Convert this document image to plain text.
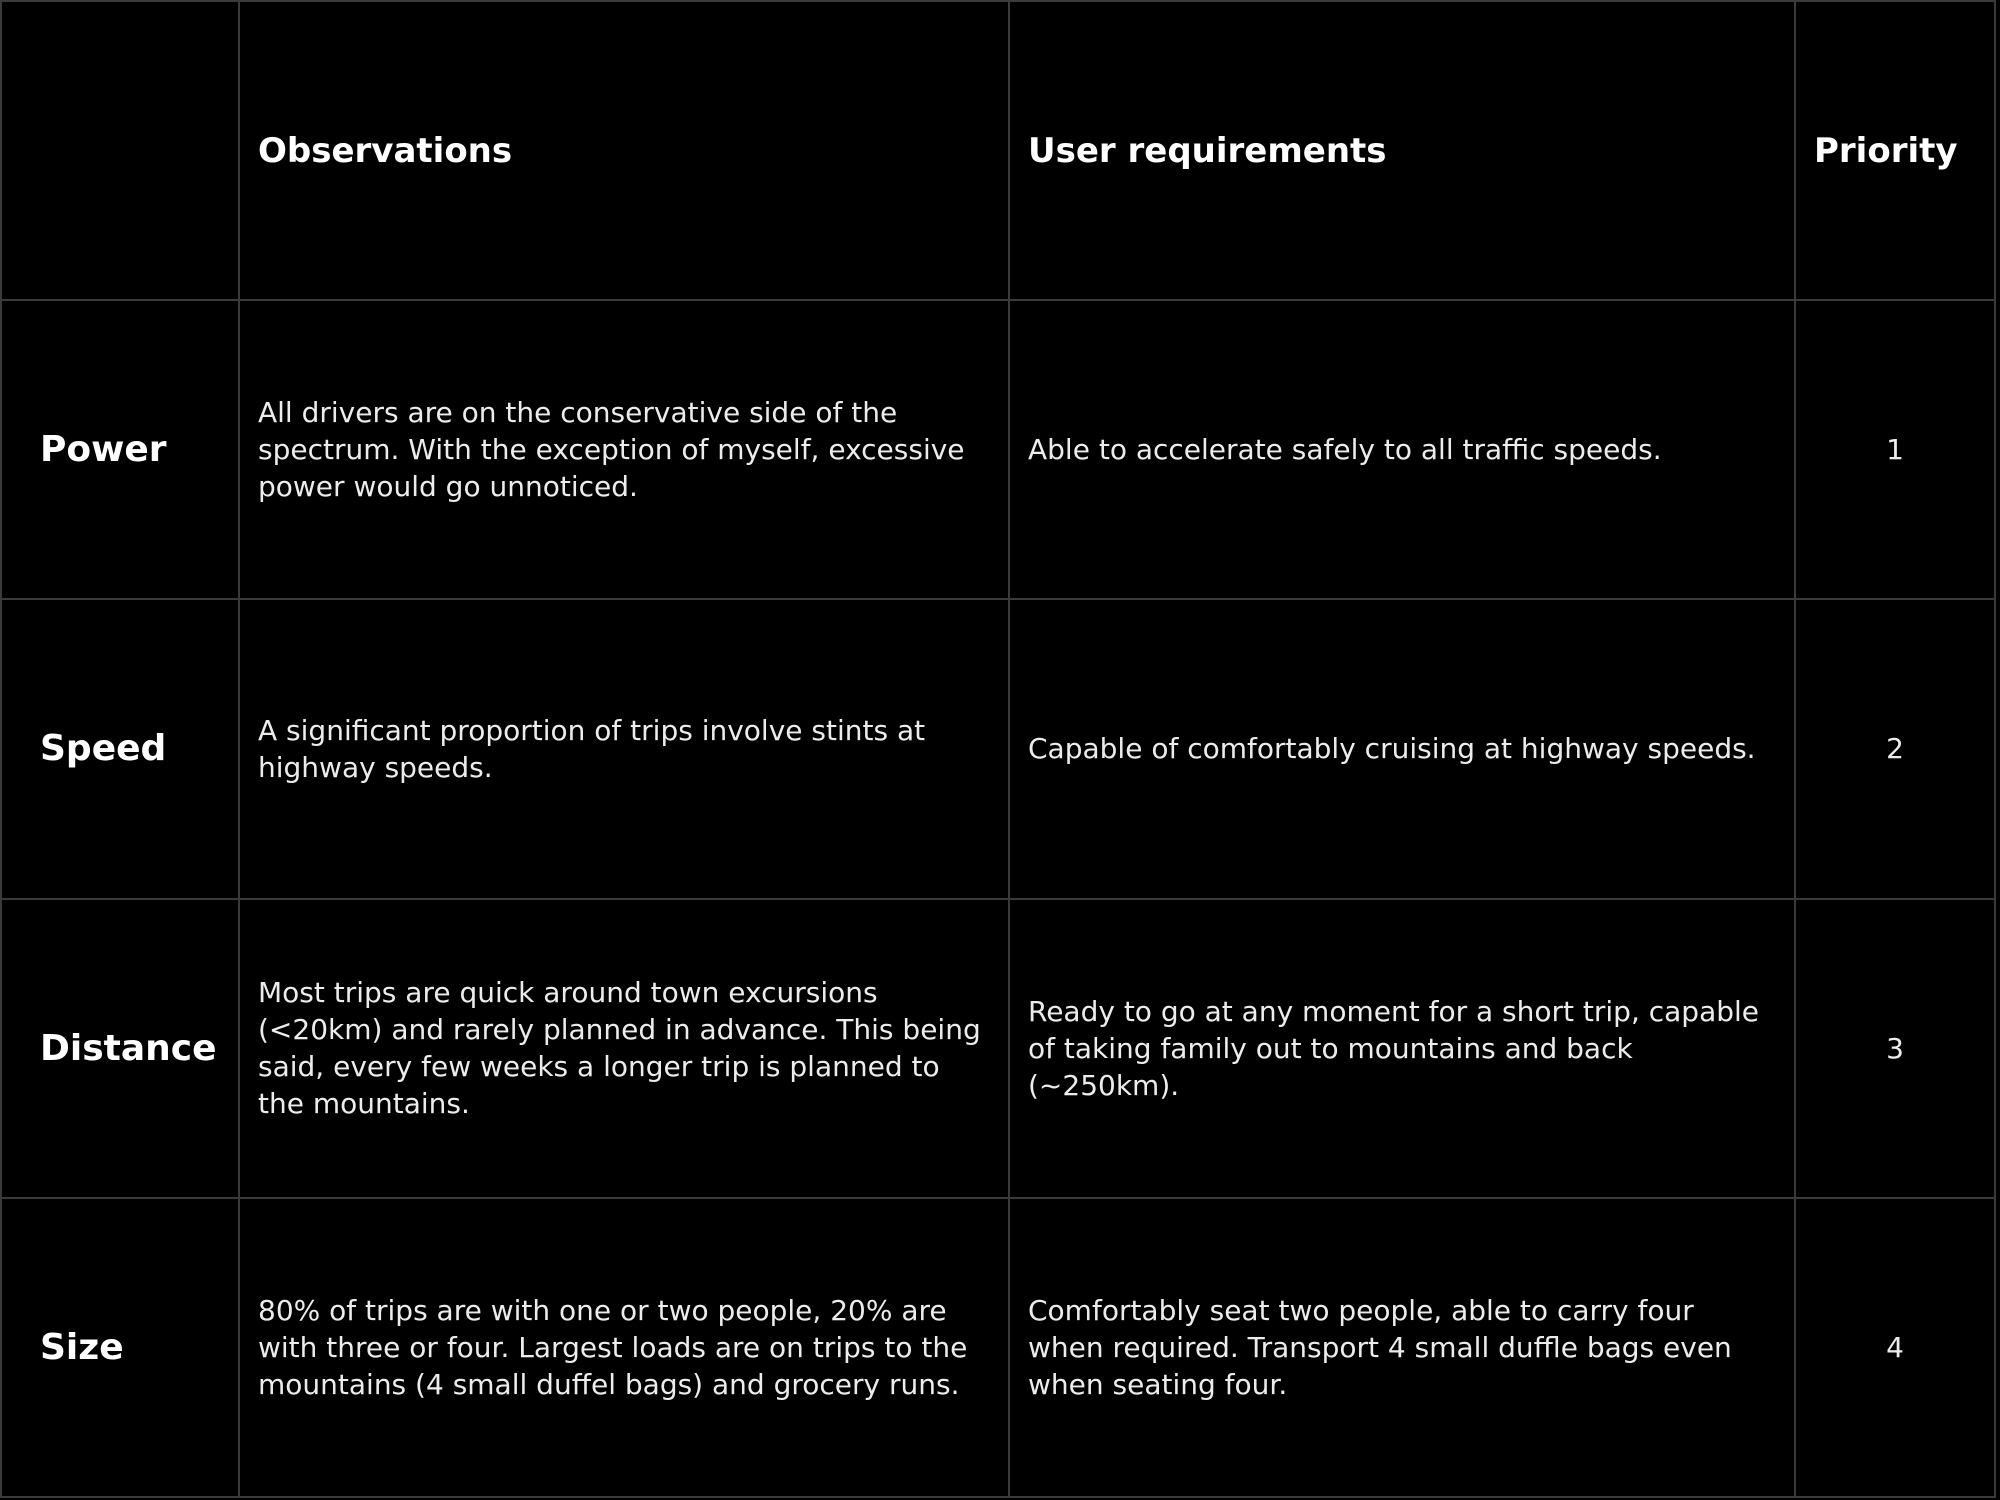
	Observations	User requirements	Priority
Power	All drivers are on the conservative side of the spectrum. With the exception of myself, excessive power would go unnoticed.	Able to accelerate safely to all traffic speeds.	1
Speed	A significant proportion of trips involve stints at highway speeds.	Capable of comfortably cruising at highway speeds.	2
Distance	Most trips are quick around town excursions (<20km) and rarely planned in advance. This being said, every few weeks a longer trip is planned to the mountains.	Ready to go at any moment for a short trip, capable of taking family out to mountains and back (~250km).	3
Size	80% of trips are with one or two people, 20% are with three or four. Largest loads are on trips to the mountains (4 small duffel bags) and grocery runs.	Comfortably seat two people, able to carry four when required. Transport 4 small duffle bags even when seating four.	4
